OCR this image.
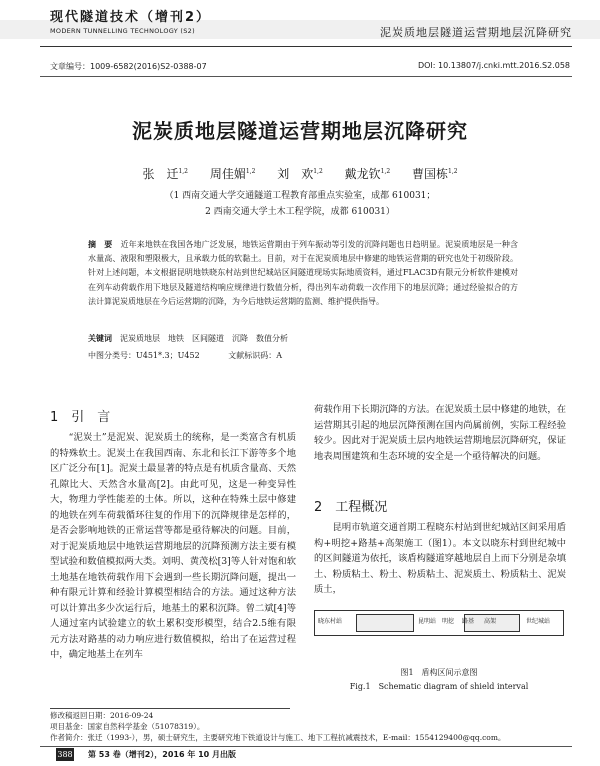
现代隧道技术（增刊2）
MODERN TUNNELLING TECHNOLOGY (S2)	泥炭质地层隧道运营期地层沉降研究
文章编号：1009-6582(2016)S2-0388-07	DOI: 10.13807/j.cnki.mtt.2016.S2.058
泥炭质地层隧道运营期地层沉降研究
张　迁$^{1,2}$ 周佳媚$^{1,2}$ 刘　欢$^{1,2}$ 戴龙钦$^{1,2}$ 曹国栋$^{1,2}$
（1 西南交通大学交通隧道工程教育部重点实验室，成都 610031；
2 西南交通大学土木工程学院，成都 610031）
摘　要　 近年来地铁在我国各地广泛发展，地铁运营期由于列车振动等引发的沉降问题也日趋明显。泥炭质地层是一种含水量高、液限和塑限极大，且承载力低的软黏土。目前，对于在泥炭质地层中修建的地铁运营期的研究也处于初级阶段。针对上述问题，本文根据昆明地铁晓东村站到世纪城站区间隧道现场实际地质资料，通过FLAC3D有限元分析软件建模对在列车动荷载作用下地层及隧道结构响应规律进行数值分析，得出列车动荷载一次作用下的地层沉降；通过经验拟合的方法计算泥炭质地层在今后运营期的沉降，为今后地铁运营期的监测、维护提供指导。
关键词　 泥炭质地层　地铁　区间隧道　沉降　数值分析
中图分类号：U451*.3；U452	文献标识码：A
1　引　言

“泥炭土”是泥炭、泥炭质土的统称，是一类富含有机质的特殊软土。泥炭土在我国西南、东北和长江下游等多个地区广泛分布[1]。泥炭土最显著的特点是有机质含量高、天然孔隙比大、天然含水量高[2]。由此可见，这是一种变异性大，物理力学性能差的土体。所以，这种在特殊土层中修建的地铁在列车荷载循环往复的作用下的沉降规律是怎样的，是否会影响地铁的正常运营等都是亟待解决的问题。目前，对于泥炭质地层中地铁运营期地层的沉降预测方法主要有模型试验和数值模拟两大类。刘明、黄茂松[3]等人针对饱和软土地基在地铁荷载作用下会遇到一些长期沉降问题，提出一种有限元计算和经验计算模型相结合的方法。通过这种方法可以计算出多少次运行后，地基土的累积沉降。曾二斌[4]等人通过室内试验建立的软土累积变形模型，结合2.5维有限元方法对路基的动力响应进行数值模拟，给出了在运营过程中，确定地基土在列车

荷载作用下长期沉降的方法。在泥炭质土层中修建的地铁，在运营期其引起的地层沉降预测在国内尚属前例，实际工程经验较少。因此对于泥炭质土层内地铁运营期地层沉降研究，保证地表周围建筑和生态环境的安全是一个亟待解决的问题。

2　工程概况

昆明市轨道交通首期工程晓东村站到世纪城站区间采用盾构+明挖+路基+高架施工（图1）。本文以晓东村到世纪城中的区间隧道为依托，该盾构隧道穿越地层自上而下分别是杂填土、粉质粘土、粉土、粉质粘土、泥炭质土、粉质粘土、泥炭质土，

晓东村站	昆明站 明挖 路基 高架	世纪城站
图1　盾构区间示意图
Fig.1　Schematic diagram of shield interval
修改稿返回日期：2016-09-24
项目基金：国家自然科学基金（51078319）。
作者简介：张迁（1993-），男，硕士研究生，主要研究地下铁道设计与施工、地下工程抗减震技术，E-mail：1554129400@qq.com。
388 第 53 卷（增刊2），2016 年 10 月出版
